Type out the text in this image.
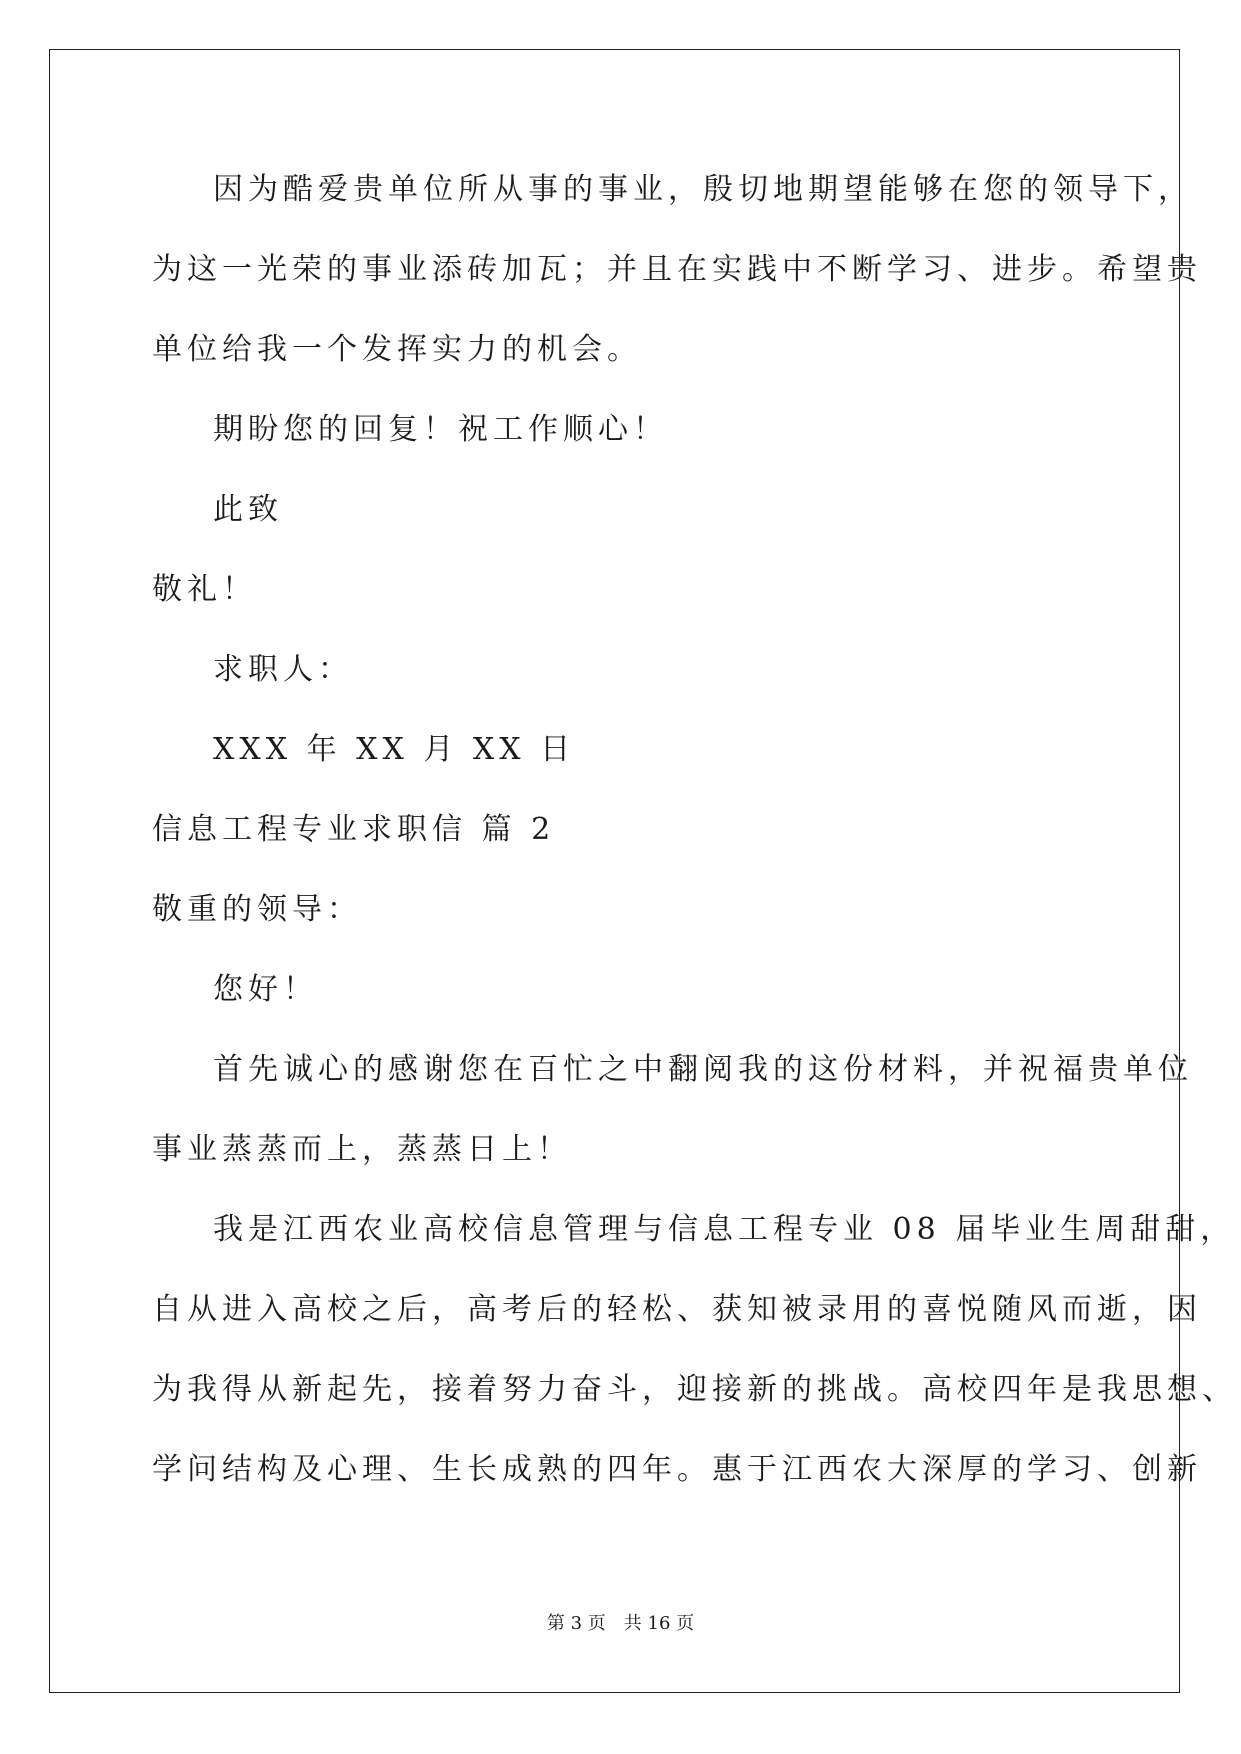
因为酷爱贵单位所从事的事业，殷切地期望能够在您的领导下，

为这一光荣的事业添砖加瓦；并且在实践中不断学习、进步。希望贵

单位给我一个发挥实力的机会。

期盼您的回复！祝工作顺心！

此致

敬礼！

求职人：

XXX 年 XX 月 XX 日

信息工程专业求职信 篇 2

敬重的领导：

您好！

首先诚心的感谢您在百忙之中翻阅我的这份材料，并祝福贵单位

事业蒸蒸而上，蒸蒸日上！

我是江西农业高校信息管理与信息工程专业 08 届毕业生周甜甜，

自从进入高校之后，高考后的轻松、获知被录用的喜悦随风而逝，因

为我得从新起先，接着努力奋斗，迎接新的挑战。高校四年是我思想、

学问结构及心理、生长成熟的四年。惠于江西农大深厚的学习、创新

第 3 页　共 16 页
